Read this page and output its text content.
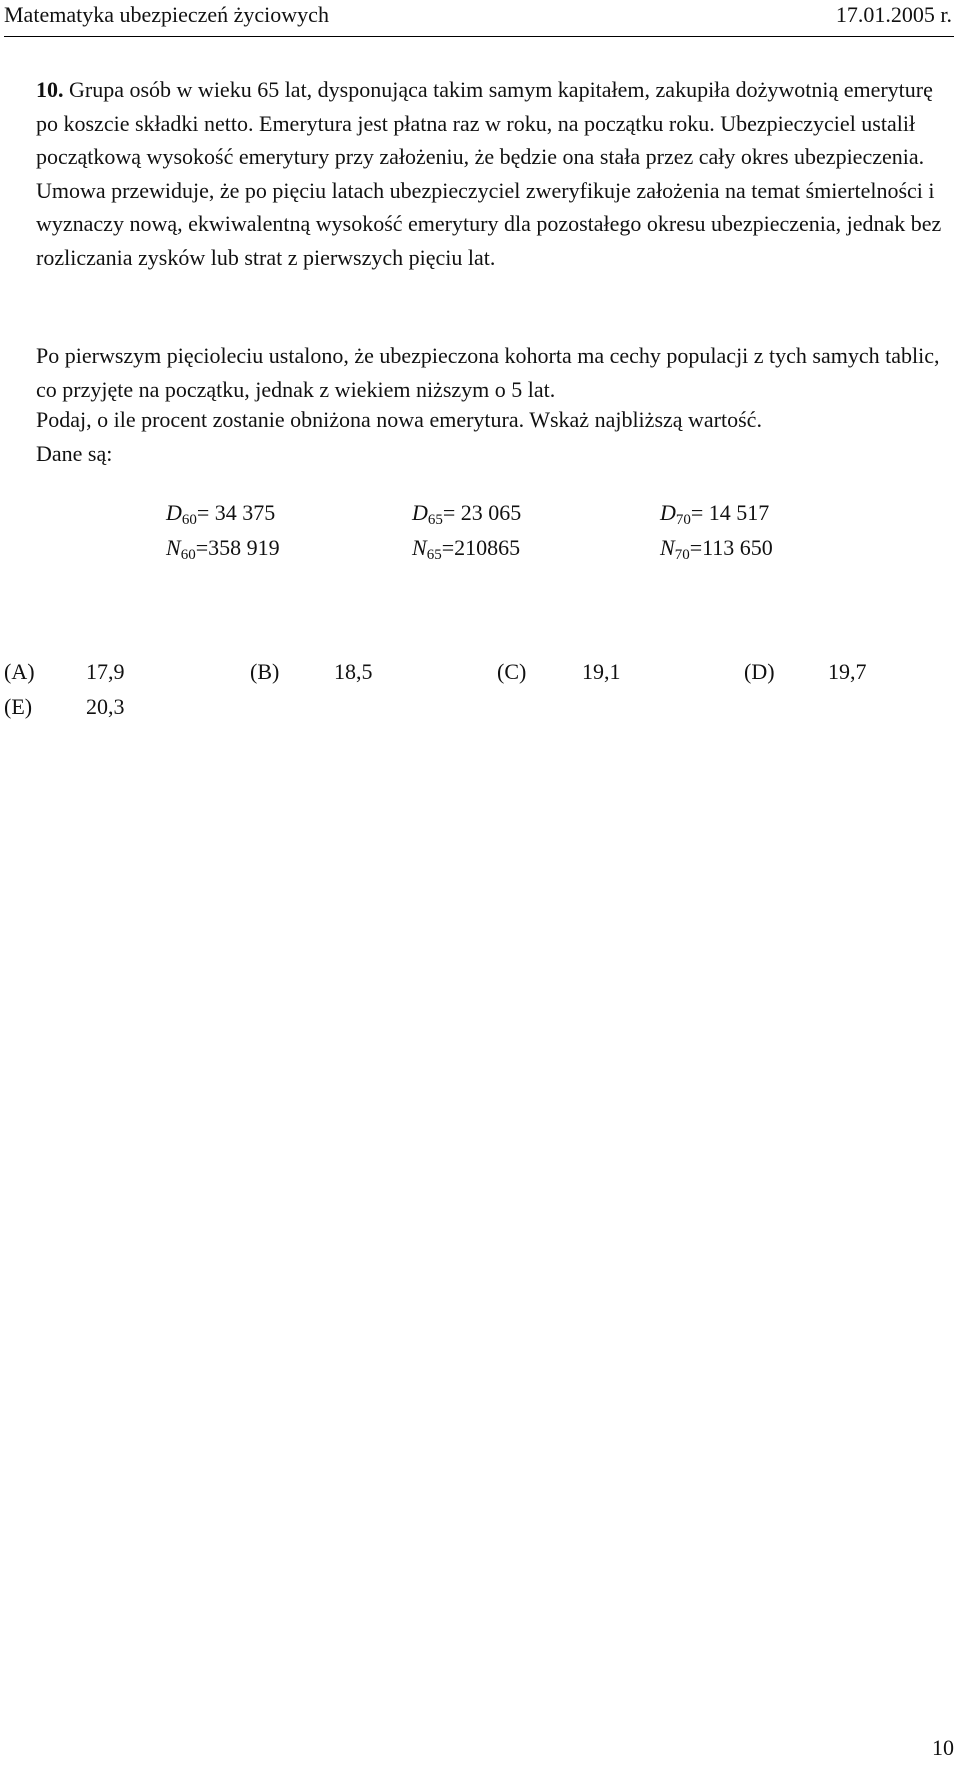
Matematyka ubezpieczeń życiowych	17.01.2005 r.
10. Grupa osób w wieku 65 lat, dysponująca takim samym kapitałem, zakupiła dożywotnią emeryturę po koszcie składki netto. Emerytura jest płatna raz w roku, na początku roku. Ubezpieczyciel ustalił początkową wysokość emerytury przy założeniu, że będzie ona stała przez cały okres ubezpieczenia. Umowa przewiduje, że po pięciu latach ubezpieczyciel zweryfikuje założenia na temat śmiertelności i wyznaczy nową, ekwiwalentną wysokość emerytury dla pozostałego okresu ubezpieczenia, jednak bez rozliczania zysków lub strat z pierwszych pięciu lat.
Po pierwszym pięcioleciu ustalono, że ubezpieczona kohorta ma cechy populacji z tych samych tablic, co przyjęte na początku, jednak z wiekiem niższym o 5 lat.
Podaj, o ile procent zostanie obniżona nowa emerytura. Wskaż najbliższą wartość.
Dane są:
$D_{60}= 34$ 375	$D_{65}= 23$ 065	$D_{70}= 14$ 517
$N_{60}=358$ 919	$N_{65}=210865$	$N_{70}=113$ 650
(A) 17,9	(B) 18,5	(C)	19,1	(D) 19,7
(E) 20,3
10
